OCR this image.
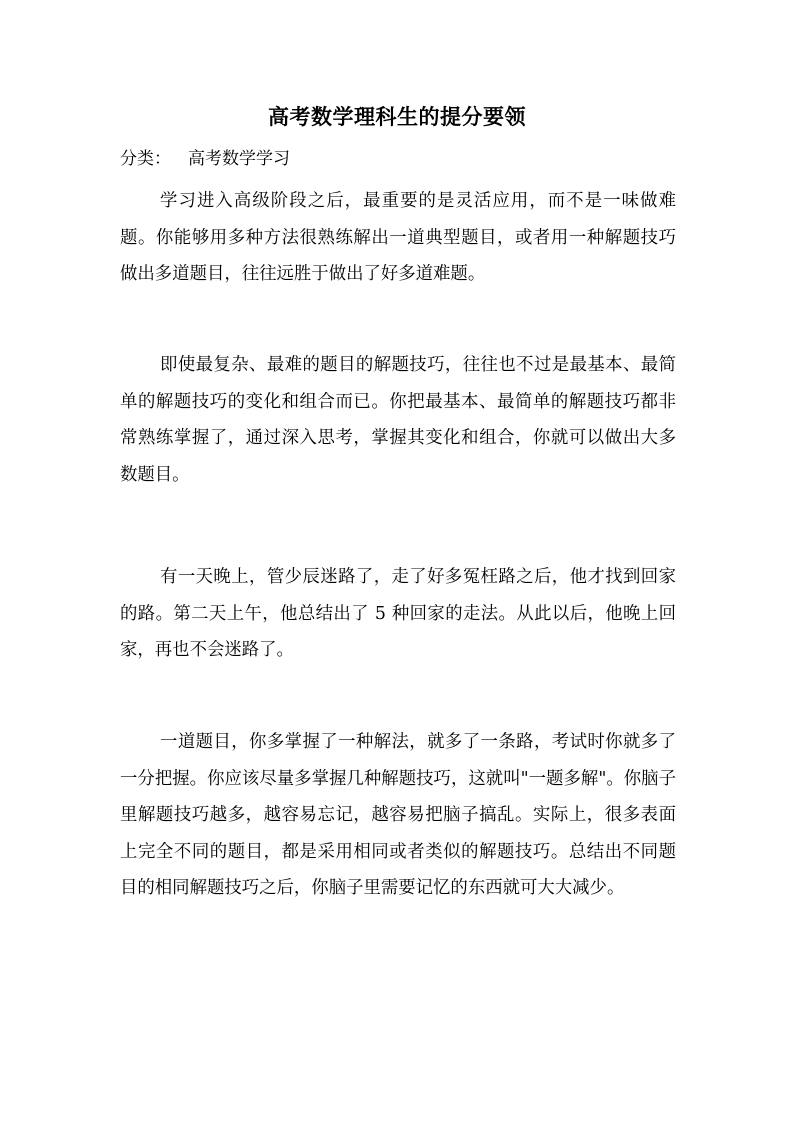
高考数学理科生的提分要领
分类： 高考数学学习

学习进入高级阶段之后，最重要的是灵活应用，而不是一味做难题。你能够用多种方法很熟练解出一道典型题目，或者用一种解题技巧做出多道题目，往往远胜于做出了好多道难题。

即使最复杂、最难的题目的解题技巧，往往也不过是最基本、最简单的解题技巧的变化和组合而已。你把最基本、最简单的解题技巧都非常熟练掌握了，通过深入思考，掌握其变化和组合，你就可以做出大多数题目。

有一天晚上，管少辰迷路了，走了好多冤枉路之后，他才找到回家的路。第二天上午，他总结出了 5 种回家的走法。从此以后，他晚上回家，再也不会迷路了。

一道题目，你多掌握了一种解法，就多了一条路，考试时你就多了一分把握。你应该尽量多掌握几种解题技巧，这就叫"一题多解"。你脑子里解题技巧越多，越容易忘记，越容易把脑子搞乱。实际上，很多表面上完全不同的题目，都是采用相同或者类似的解题技巧。总结出不同题目的相同解题技巧之后，你脑子里需要记忆的东西就可大大减少。
